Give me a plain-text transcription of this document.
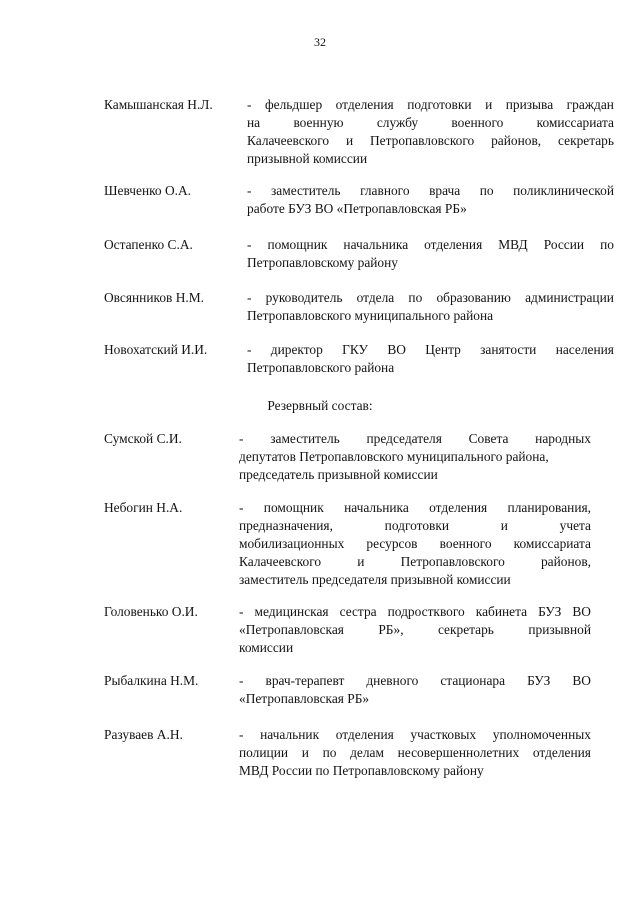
32
Камышанская Н.Л.	- фельдшер отделения подготовки и призыва граждан
на военную службу военного комиссариата
Калачеевского и Петропавловского районов, секретарь
призывной комиссии
Шевченко О.А.	- заместитель главного врача по поликлинической
работе БУЗ ВО «Петропавловская РБ»
Остапенко С.А.	- помощник начальника отделения МВД России по
Петропавловскому району
Овсянников Н.М.	- руководитель отдела по образованию администрации
Петропавловского муниципального района
Новохатский И.И.	- директор ГКУ ВО Центр занятости населения
Петропавловского района
Резервный состав:
Сумской С.И.	- заместитель председателя Совета народных
депутатов Петропавловского муниципального района,
председатель призывной комиссии
Небогин Н.А.	- помощник начальника отделения планирования,
предназначения,	подготовки	и	учета
мобилизационных ресурсов военного комиссариата
Калачеевского	и	Петропавловского	районов,
заместитель председателя призывной комиссии
Головенько О.И.	- медицинская сестра подростквого кабинета БУЗ ВО
«Петропавловская	РБ»,	секретарь	призывной
комиссии
Рыбалкина Н.М.	- врач-терапевт дневного стационара БУЗ ВО
«Петропавловская РБ»
Разуваев А.Н.	- начальник отделения участковых уполномоченных
полиции и по делам несовершеннолетних отделения
МВД России по Петропавловскому району
